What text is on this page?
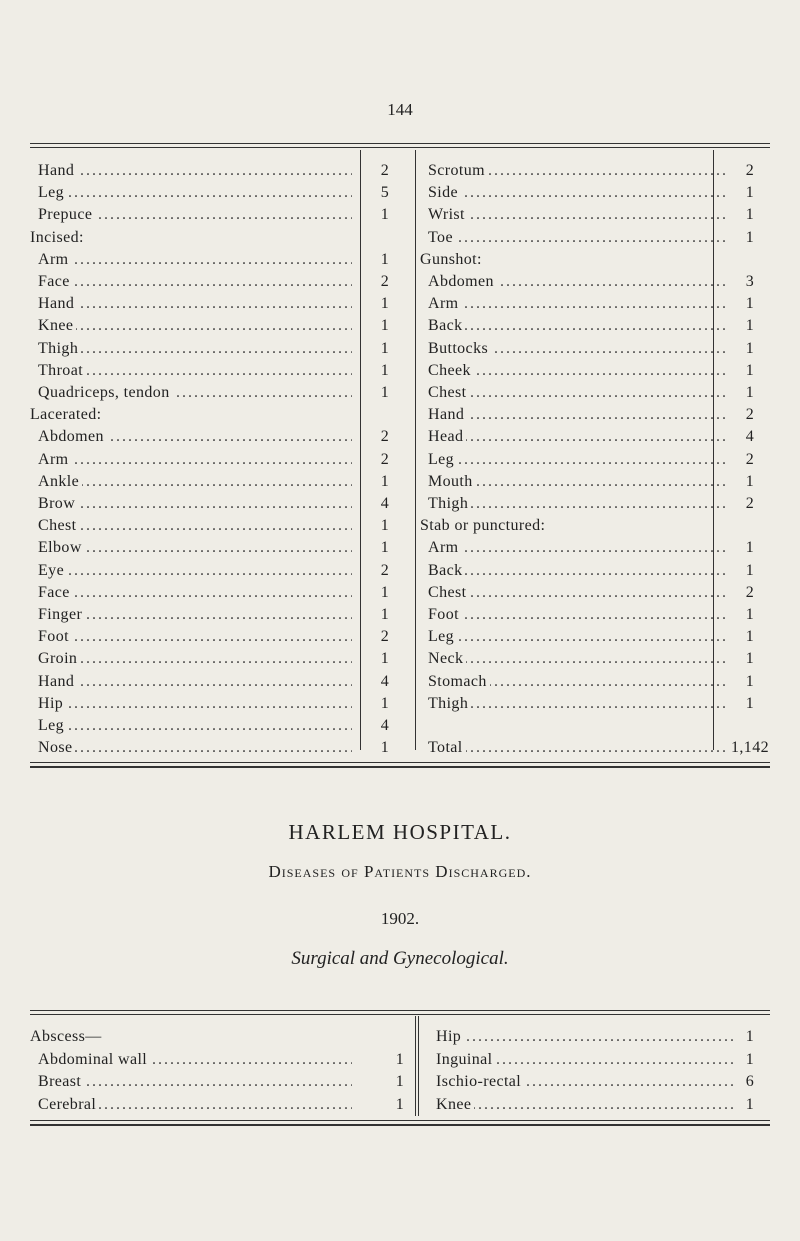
144
Hand .....	2
Leg .....	5
Prepuce .....	1
Incised:
Arm .....	1
Face .....	2
Hand .....	1
Knee .....	1
Thigh .....	1
Throat .....	1
Quadriceps, tendon .....	1
Lacerated:
Abdomen .....	2
Arm .....	2
Ankle .....	1
Brow .....	4
Chest .....	1
Elbow .....	1
Eye .....	2
Face .....	1
Finger .....	1
Foot .....	2
Groin .....	1
Hand .....	4
Hip .....	1
Leg .....	4
Nose .....	1
Scrotum .....	2
Side .....	1
Wrist .....	1
Toe .....	1
Gunshot:
Abdomen .....	3
Arm .....	1
Back .....	1
Buttocks .....	1
Cheek .....	1
Chest .....	1
Hand .....	2
Head .....	4
Leg .....	2
Mouth .....	1
Thigh .....	2
Stab or punctured:
Arm .....	1
Back .....	1
Chest .....	2
Foot .....	1
Leg .....	1
Neck .....	1
Stomach .....	1
Thigh .....	1
Total .....	1,142
HARLEM HOSPITAL.
Diseases of Patients Discharged.
1902.
Surgical and Gynecological.
Abscess—
Abdominal wall .....	1
Breast .....	1
Cerebral .....	1
Hip .....	1
Inguinal .....	1
Ischio-rectal .....	6
Knee .....	1
